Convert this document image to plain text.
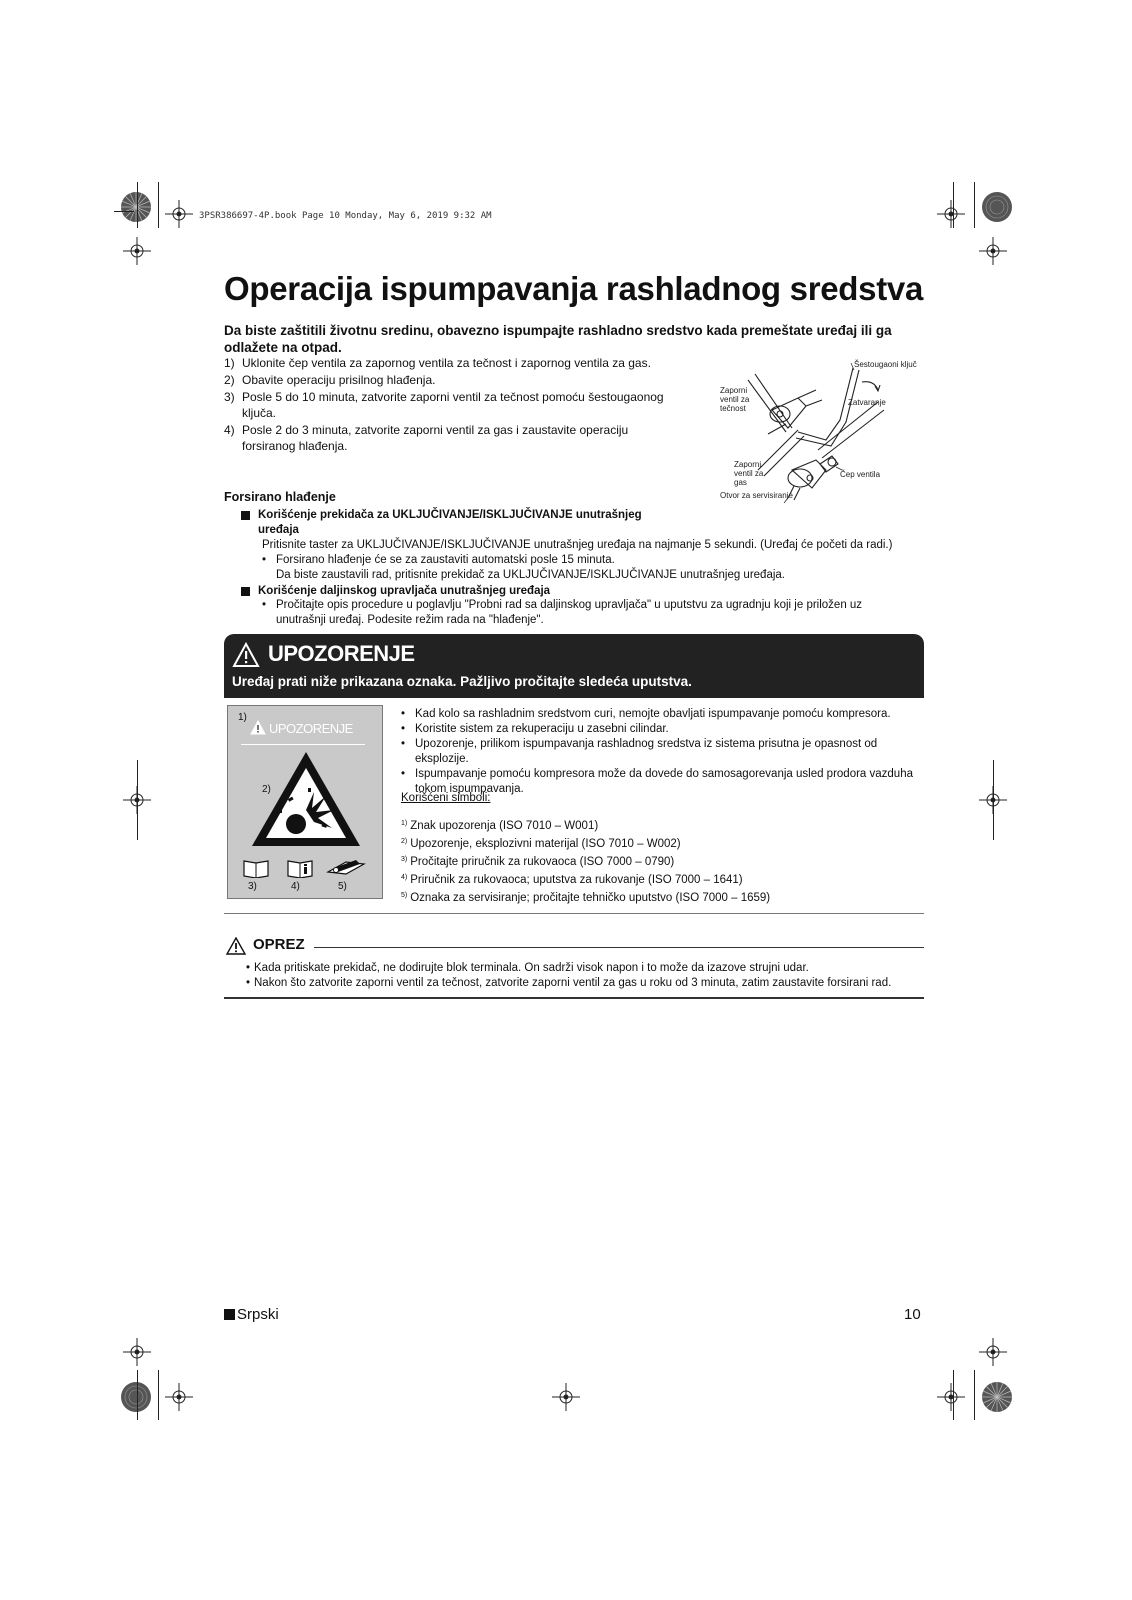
3PSR386697-4P.book Page 10 Monday, May 6, 2019 9:32 AM
Operacija ispumpavanja rashladnog sredstva

Da biste zaštitili životnu sredinu, obavezno ispumpajte rashladno sredstvo kada premeštate uređaj ili ga odlažete na otpad.

1) Uklonite čep ventila za zapornog ventila za tečnost i zapornog ventila za gas.
2) Obavite operaciju prisilnog hlađenja.
3) Posle 5 do 10 minuta, zatvorite zaporni ventil za tečnost pomoću šestougaonog ključa.
4) Posle 2 do 3 minuta, zatvorite zaporni ventil za gas i zaustavite operaciju forsiranog hlađenja.
Šestougaoni ključ
Zatvaranje
Zaporni ventil za tečnost
Zaporni ventil za gas
Čep ventila
Otvor za servisiranje
Forsirano hlađenje
Korišćenje prekidača za UKLJUČIVANJE/ISKLJUČIVANJE unutrašnjeg uređaja
Pritisnite taster za UKLJUČIVANJE/ISKLJUČIVANJE unutrašnjeg uređaja na najmanje 5 sekundi. (Uređaj će početi da radi.)
• Forsirano hlađenje će se za zaustaviti automatski posle 15 minuta.
Da biste zaustavili rad, pritisnite prekidač za UKLJUČIVANJE/ISKLJUČIVANJE unutrašnjeg uređaja.
Korišćenje daljinskog upravljača unutrašnjeg uređaja
• Pročitajte opis procedure u poglavlju "Probni rad sa daljinskog upravljača" u uputstvu za ugradnju koji je priložen uz unutrašnji uređaj. Podesite režim rada na "hlađenje".
UPOZORENJE
Uređaj prati niže prikazana oznaka. Pažljivo pročitajte sledeća uputstva.
1)
UPOZORENJE
2)
3)	4)	5)
• Kad kolo sa rashladnim sredstvom curi, nemojte obavljati ispumpavanje pomoću kompresora.
• Koristite sistem za rekuperaciju u zasebni cilindar.
• Upozorenje, prilikom ispumpavanja rashladnog sredstva iz sistema prisutna je opasnost od eksplozije.
• Ispumpavanje pomoću kompresora može da dovede do samosagorevanja usled prodora vazduha tokom ispumpavanja.
Korišćeni simboli:
$^{1)}$ Znak upozorenja (ISO 7010 – W001)
$^{2)}$ Upozorenje, eksplozivni materijal (ISO 7010 – W002)
$^{3)}$ Pročitajte priručnik za rukovaoca (ISO 7000 – 0790)
$^{4)}$ Priručnik za rukovaoca; uputstva za rukovanje (ISO 7000 – 1641)
$^{5)}$ Oznaka za servisiranje; pročitajte tehničko uputstvo (ISO 7000 – 1659)
OPREZ
• Kada pritiskate prekidač, ne dodirujte blok terminala. On sadrži visok napon i to može da izazove strujni udar.
• Nakon što zatvorite zaporni ventil za tečnost, zatvorite zaporni ventil za gas u roku od 3 minuta, zatim zaustavite forsirani rad.
Srpski	10
